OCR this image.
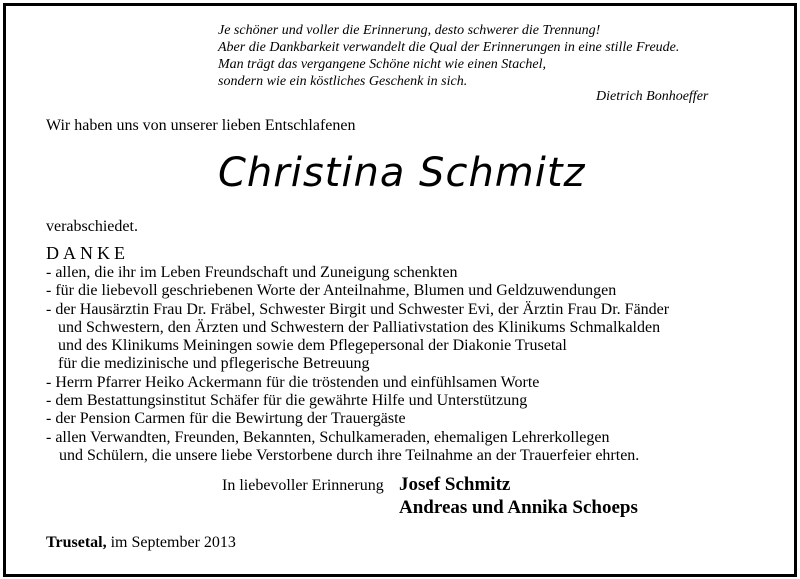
Je schöner und voller die Erinnerung, desto schwerer die Trennung!
Aber die Dankbarkeit verwandelt die Qual der Erinnerungen in eine stille Freude.
Man trägt das vergangene Schöne nicht wie einen Stachel,
sondern wie ein köstliches Geschenk in sich.
Dietrich Bonhoeffer
Wir haben uns von unserer lieben Entschlafenen
Christina Schmitz
verabschiedet.
DANKE
- allen, die ihr im Leben Freundschaft und Zuneigung schenkten
- für die liebevoll geschriebenen Worte der Anteilnahme, Blumen und Geldzuwendungen
- der Hausärztin Frau Dr. Fräbel, Schwester Birgit und Schwester Evi, der Ärztin Frau Dr. Fänder
und Schwestern, den Ärzten und Schwestern der Palliativstation des Klinikums Schmalkalden
und des Klinikums Meiningen sowie dem Pflegepersonal der Diakonie Trusetal
für die medizinische und pflegerische Betreuung
- Herrn Pfarrer Heiko Ackermann für die tröstenden und einfühlsamen Worte
- dem Bestattungsinstitut Schäfer für die gewährte Hilfe und Unterstützung
- der Pension Carmen für die Bewirtung der Trauergäste
- allen Verwandten, Freunden, Bekannten, Schulkameraden, ehemaligen Lehrerkollegen
und Schülern, die unsere liebe Verstorbene durch ihre Teilnahme an der Trauerfeier ehrten.
In liebevoller Erinnerung Josef Schmitz
Andreas und Annika Schoeps
Trusetal, im September 2013
